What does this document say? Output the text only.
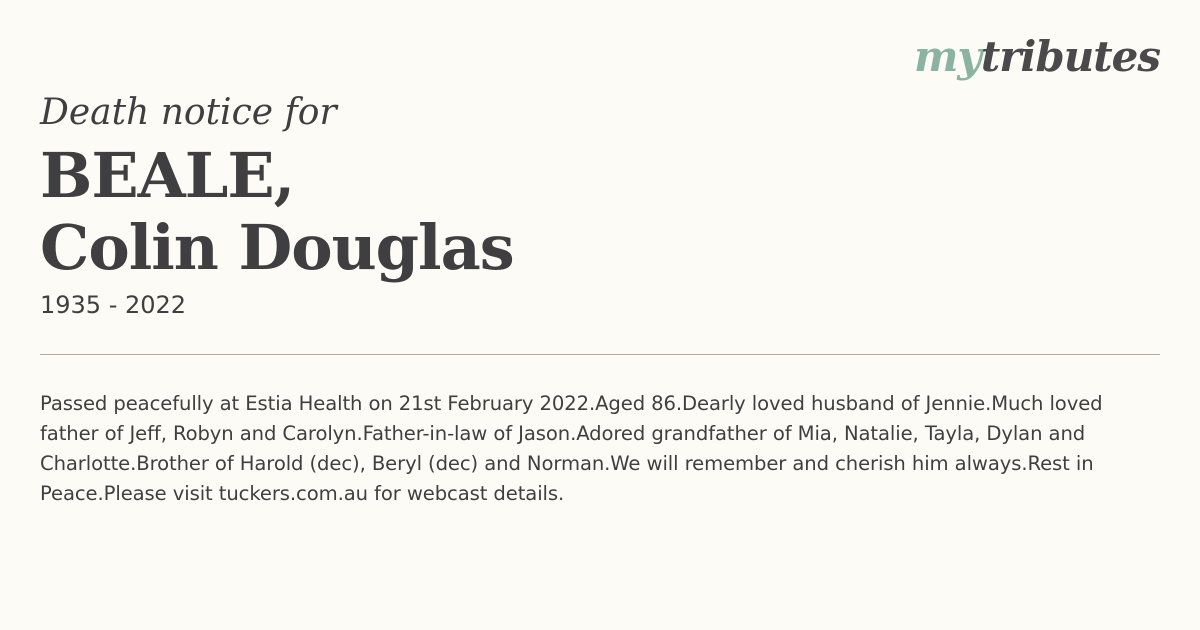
mytributes

Death notice for

BEALE,
Colin Douglas

1935 - 2022

Passed peacefully at Estia Health on 21st February 2022.Aged 86.Dearly loved husband of Jennie.Much loved father of Jeff, Robyn and Carolyn.Father-in-law of Jason.Adored grandfather of Mia, Natalie, Tayla, Dylan and Charlotte.Brother of Harold (dec), Beryl (dec) and Norman.We will remember and cherish him always.Rest in Peace.Please visit tuckers.com.au for webcast details.
